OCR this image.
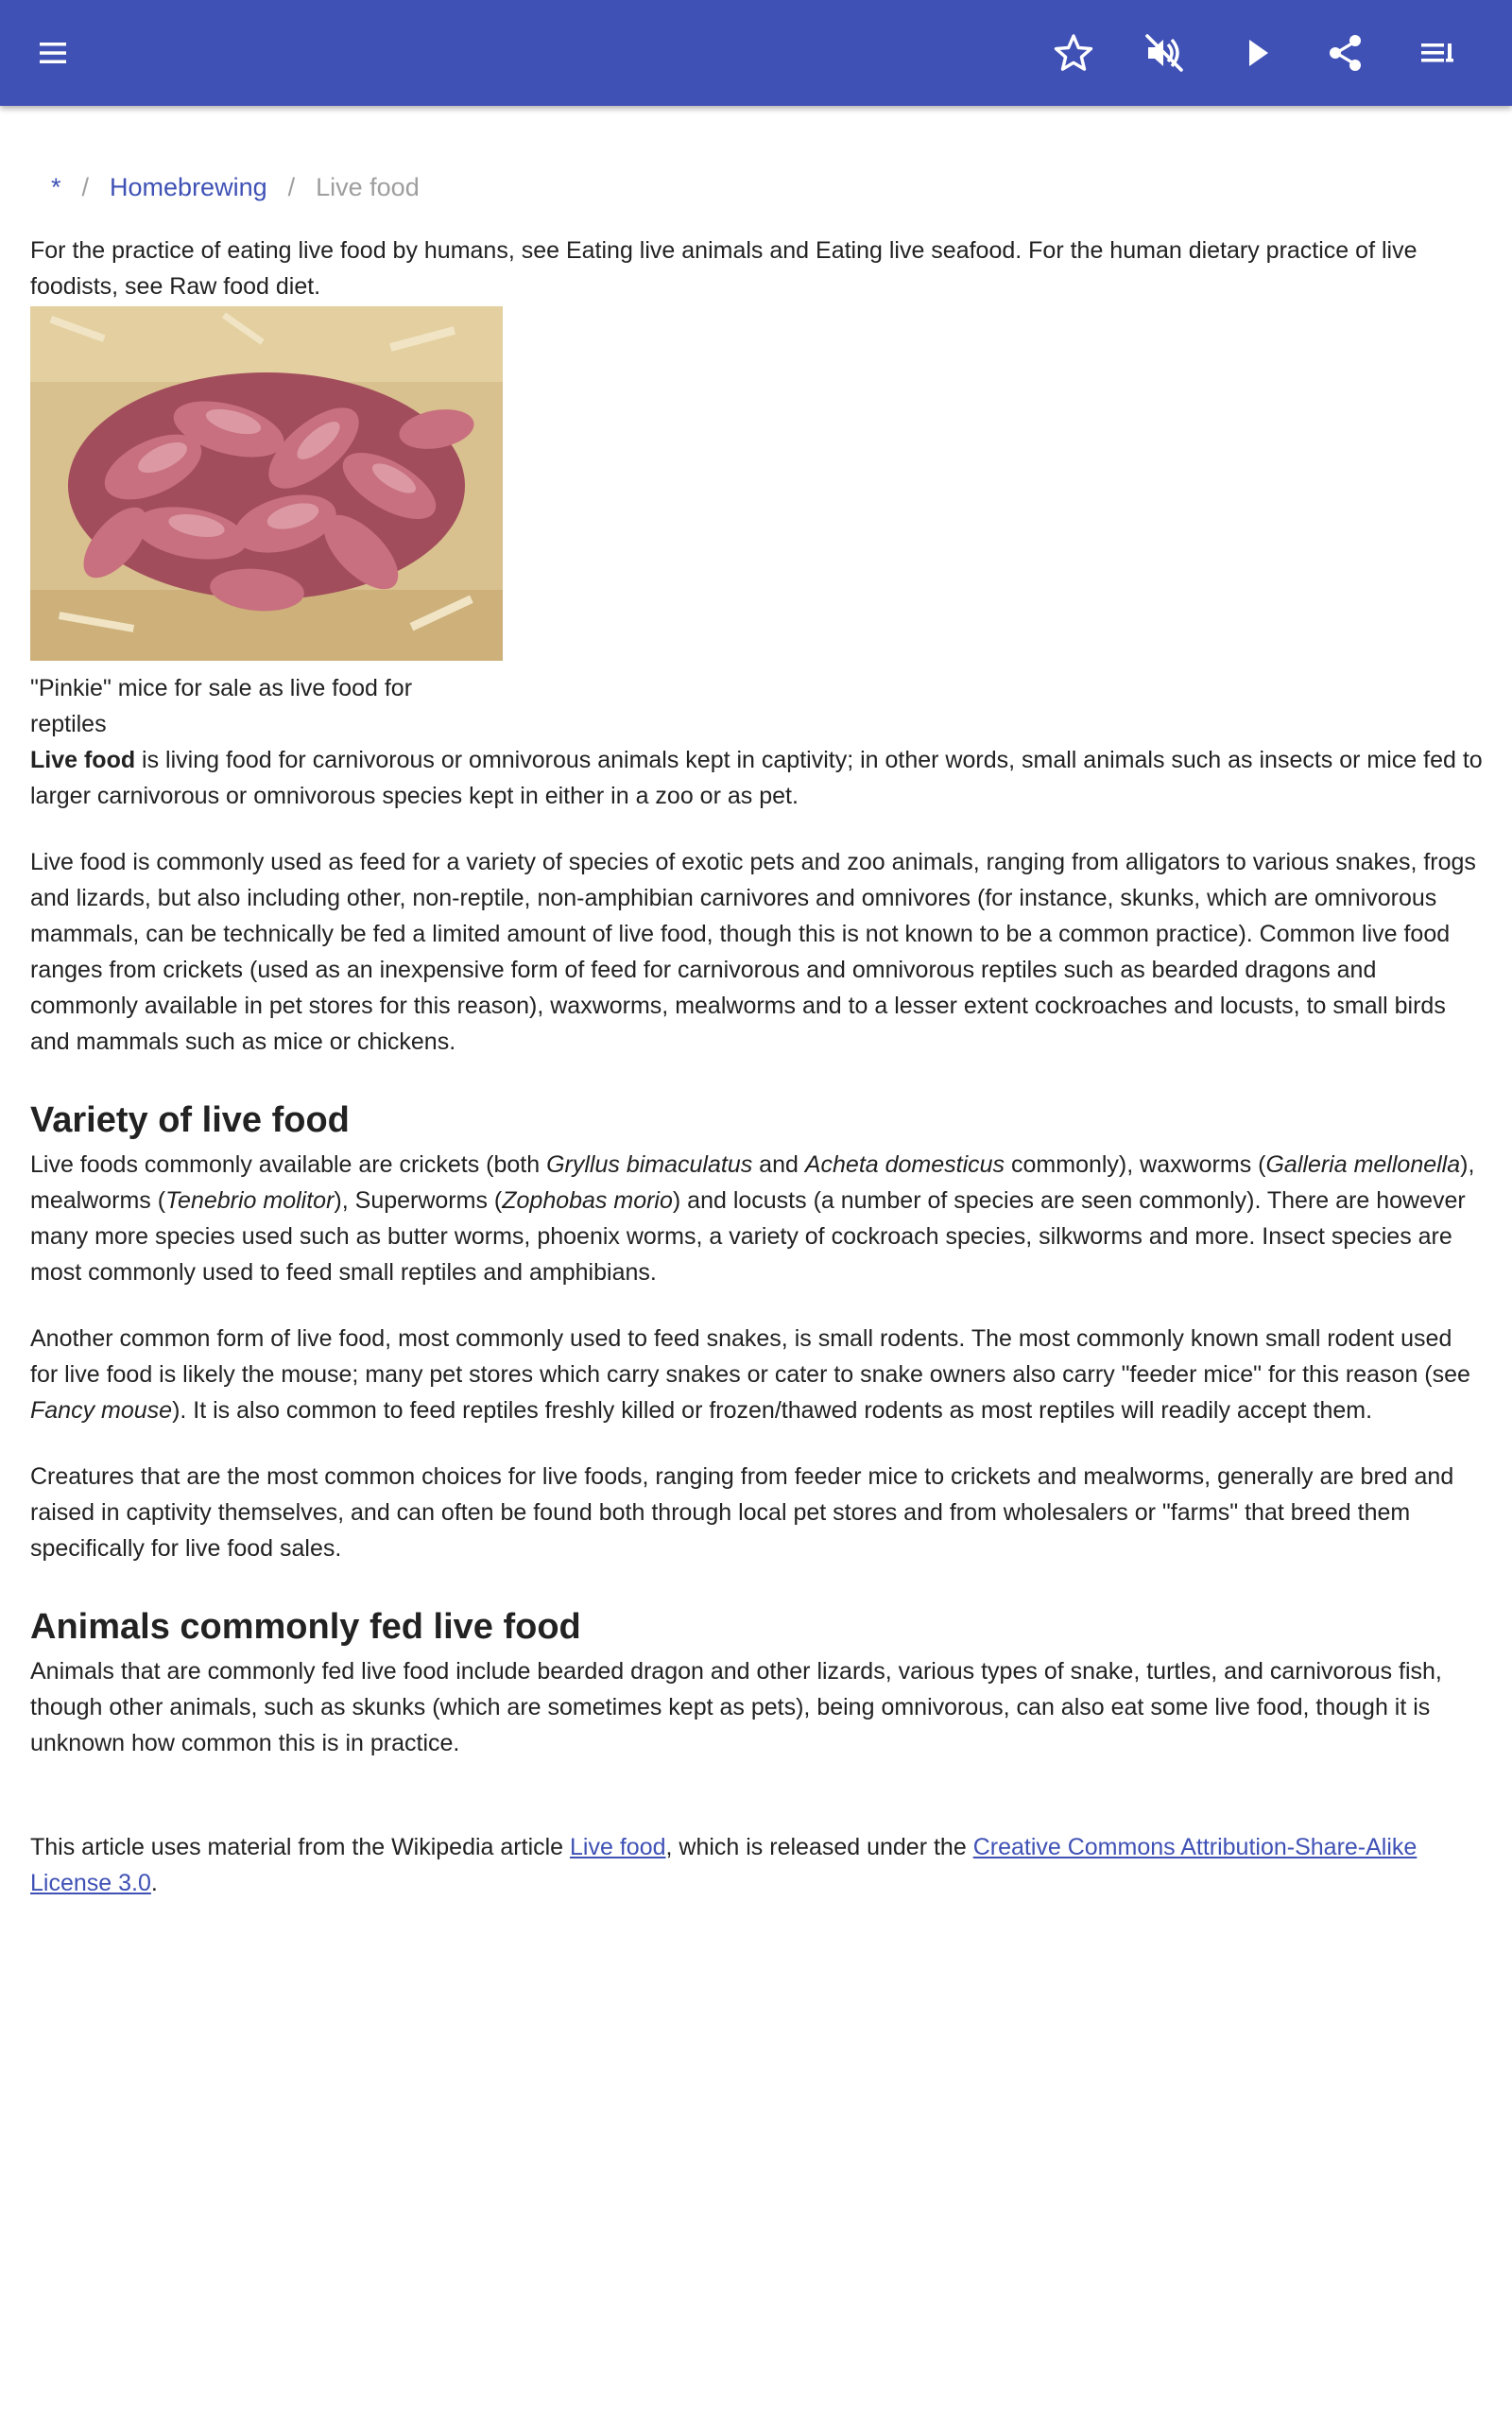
* / Homebrewing / Live food
For the practice of eating live food by humans, see Eating live animals and Eating live seafood. For the human dietary practice of live foodists, see Raw food diet.
"Pinkie" mice for sale as live food for reptiles

Live food is living food for carnivorous or omnivorous animals kept in captivity; in other words, small animals such as insects or mice fed to larger carnivorous or omnivorous species kept in either in a zoo or as pet.

Live food is commonly used as feed for a variety of species of exotic pets and zoo animals, ranging from alligators to various snakes, frogs and lizards, but also including other, non-reptile, non-amphibian carnivores and omnivores (for instance, skunks, which are omnivorous mammals, can be technically be fed a limited amount of live food, though this is not known to be a common practice). Common live food ranges from crickets (used as an inexpensive form of feed for carnivorous and omnivorous reptiles such as bearded dragons and commonly available in pet stores for this reason), waxworms, mealworms and to a lesser extent cockroaches and locusts, to small birds and mammals such as mice or chickens.

Variety of live food

Live foods commonly available are crickets (both Gryllus bimaculatus and Acheta domesticus commonly), waxworms (Galleria mellonella), mealworms (Tenebrio molitor), Superworms (Zophobas morio) and locusts (a number of species are seen commonly). There are however many more species used such as butter worms, phoenix worms, a variety of cockroach species, silkworms and more. Insect species are most commonly used to feed small reptiles and amphibians.

Another common form of live food, most commonly used to feed snakes, is small rodents. The most commonly known small rodent used for live food is likely the mouse; many pet stores which carry snakes or cater to snake owners also carry "feeder mice" for this reason (see Fancy mouse). It is also common to feed reptiles freshly killed or frozen/thawed rodents as most reptiles will readily accept them.

Creatures that are the most common choices for live foods, ranging from feeder mice to crickets and mealworms, generally are bred and raised in captivity themselves, and can often be found both through local pet stores and from wholesalers or "farms" that breed them specifically for live food sales.

Animals commonly fed live food

Animals that are commonly fed live food include bearded dragon and other lizards, various types of snake, turtles, and carnivorous fish, though other animals, such as skunks (which are sometimes kept as pets), being omnivorous, can also eat some live food, though it is unknown how common this is in practice.

This article uses material from the Wikipedia article Live food, which is released under the Creative Commons Attribution-Share-Alike License 3.0.
